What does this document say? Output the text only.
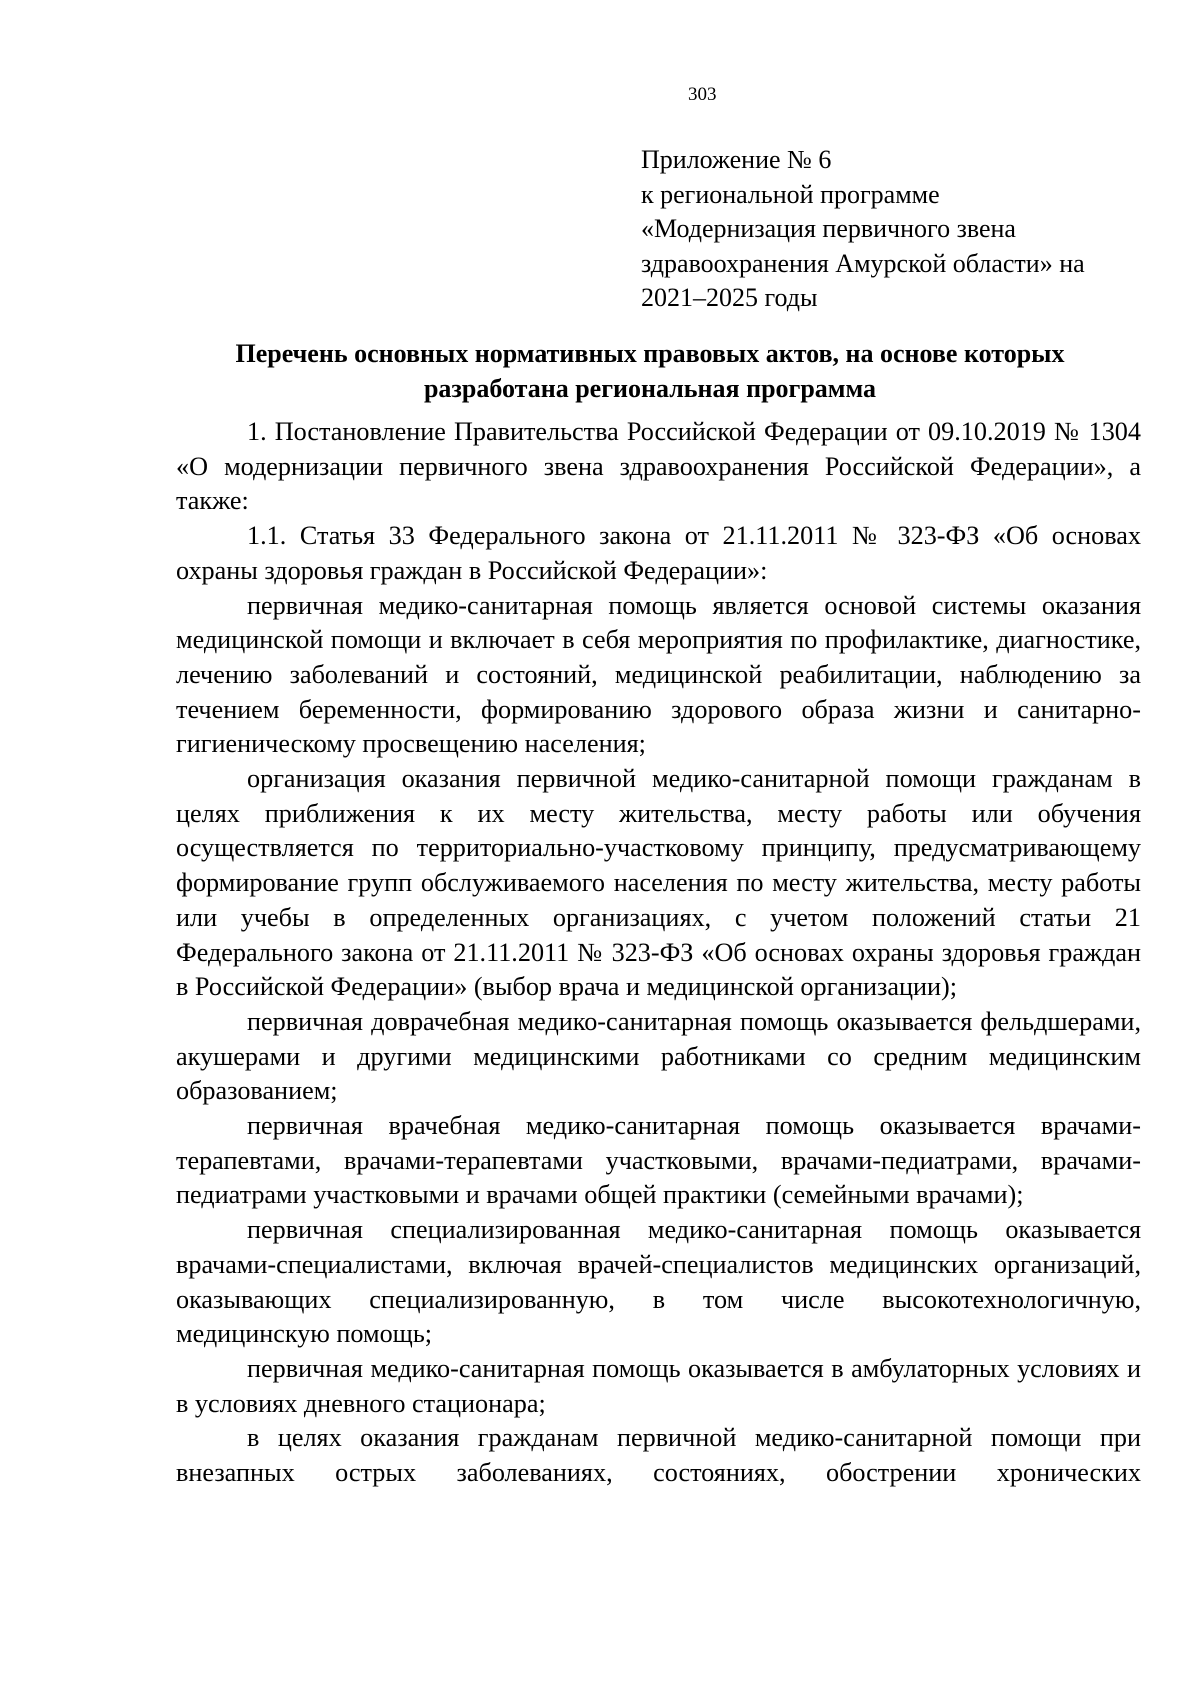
303
Приложение № 6
к региональной программе
«Модернизация первичного звена
здравоохранения Амурской области» на
2021–2025 годы
Перечень основных нормативных правовых актов, на основе которых
разработана региональная программа

1. Постановление Правительства Российской Федерации от 09.10.2019 № 1304 «О модернизации первичного звена здравоохранения Российской Федерации», а также:

1.1. Статья 33 Федерального закона от 21.11.2011 № 323-ФЗ «Об основах охраны здоровья граждан в Российской Федерации»:

первичная медико-санитарная помощь является основой системы оказания медицинской помощи и включает в себя мероприятия по профилактике, диагностике, лечению заболеваний и состояний, медицинской реабилитации, наблюдению за течением беременности, формированию здорового образа жизни и санитарно-гигиеническому просвещению населения;

организация оказания первичной медико-санитарной помощи гражданам в целях приближения к их месту жительства, месту работы или обучения осуществляется по территориально-участковому принципу, предусматривающему формирование групп обслуживаемого населения по месту жительства, месту работы или учебы в определенных организациях, с учетом положений статьи 21 Федерального закона от 21.11.2011 № 323-ФЗ «Об основах охраны здоровья граждан в Российской Федерации» (выбор врача и медицинской организации);

первичная доврачебная медико-санитарная помощь оказывается фельдшерами, акушерами и другими медицинскими работниками со средним медицинским образованием;

первичная врачебная медико-санитарная помощь оказывается врачами-терапевтами, врачами-терапевтами участковыми, врачами-педиатрами, врачами-педиатрами участковыми и врачами общей практики (семейными врачами);

первичная специализированная медико-санитарная помощь оказывается врачами-специалистами, включая врачей-специалистов медицинских организаций, оказывающих специализированную, в том числе высокотехнологичную, медицинскую помощь;

первичная медико-санитарная помощь оказывается в амбулаторных условиях и в условиях дневного стационара;

в целях оказания гражданам первичной медико-санитарной помощи при внезапных острых заболеваниях, состояниях, обострении хронических
